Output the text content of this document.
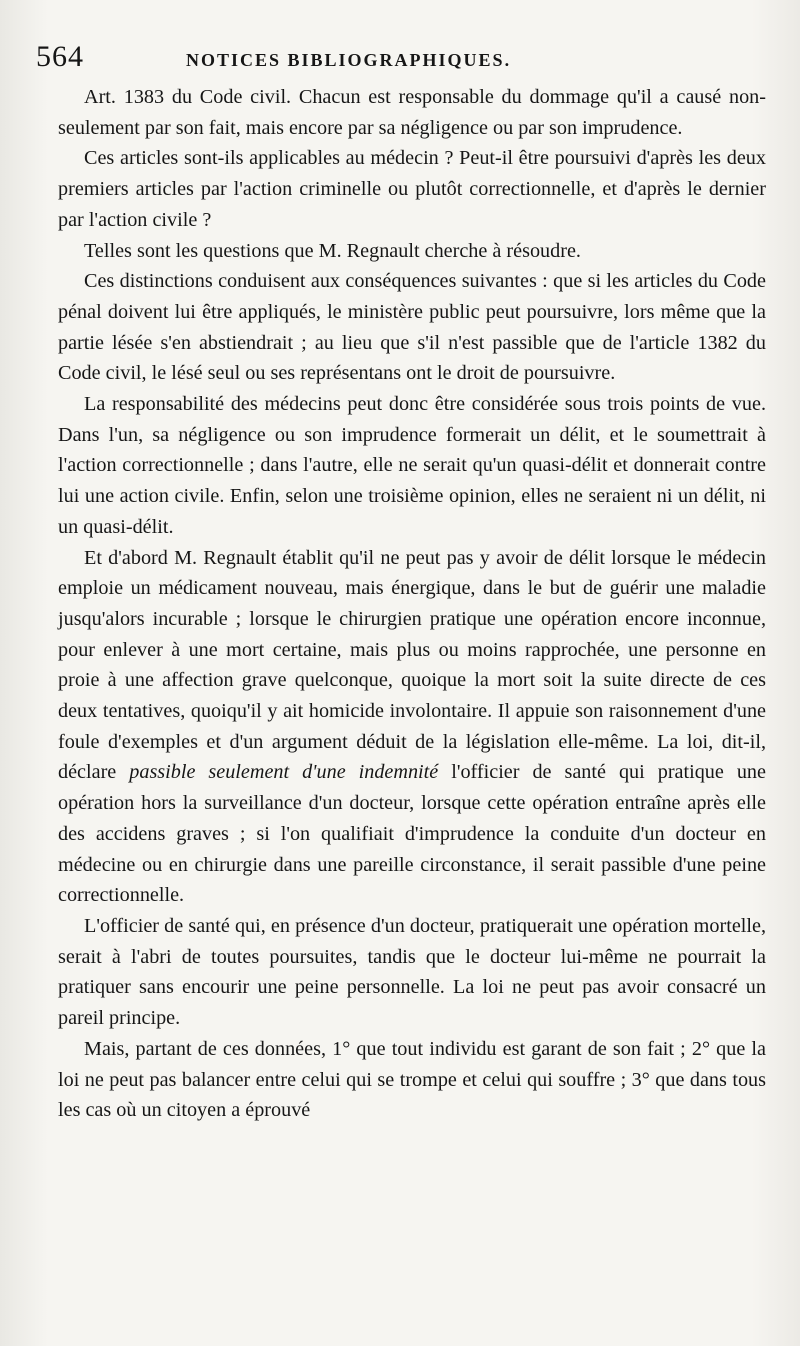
564	NOTICES BIBLIOGRAPHIQUES.

Art. 1383 du Code civil. Chacun est responsable du dommage qu'il a causé non-seulement par son fait, mais encore par sa négligence ou par son imprudence.

Ces articles sont-ils applicables au médecin ? Peut-il être poursuivi d'après les deux premiers articles par l'action criminelle ou plutôt correctionnelle, et d'après le dernier par l'action civile ?

Telles sont les questions que M. Regnault cherche à résoudre.

Ces distinctions conduisent aux conséquences suivantes : que si les articles du Code pénal doivent lui être appliqués, le ministère public peut poursuivre, lors même que la partie lésée s'en abstiendrait ; au lieu que s'il n'est passible que de l'article 1382 du Code civil, le lésé seul ou ses représentans ont le droit de poursuivre.

La responsabilité des médecins peut donc être considérée sous trois points de vue. Dans l'un, sa négligence ou son imprudence formerait un délit, et le soumettrait à l'action correctionnelle ; dans l'autre, elle ne serait qu'un quasi-délit et donnerait contre lui une action civile. Enfin, selon une troisième opinion, elles ne seraient ni un délit, ni un quasi-délit.

Et d'abord M. Regnault établit qu'il ne peut pas y avoir de délit lorsque le médecin emploie un médicament nouveau, mais énergique, dans le but de guérir une maladie jusqu'alors incurable ; lorsque le chirurgien pratique une opération encore inconnue, pour enlever à une mort certaine, mais plus ou moins rapprochée, une personne en proie à une affection grave quelconque, quoique la mort soit la suite directe de ces deux tentatives, quoiqu'il y ait homicide involontaire. Il appuie son raisonnement d'une foule d'exemples et d'un argument déduit de la législation elle-même. La loi, dit-il, déclare passible seulement d'une indemnité l'officier de santé qui pratique une opération hors la surveillance d'un docteur, lorsque cette opération entraîne après elle des accidens graves ; si l'on qualifiait d'imprudence la conduite d'un docteur en médecine ou en chirurgie dans une pareille circonstance, il serait passible d'une peine correctionnelle.

L'officier de santé qui, en présence d'un docteur, pratiquerait une opération mortelle, serait à l'abri de toutes poursuites, tandis que le docteur lui-même ne pourrait la pratiquer sans encourir une peine personnelle. La loi ne peut pas avoir consacré un pareil principe.

Mais, partant de ces données, 1° que tout individu est garant de son fait ; 2° que la loi ne peut pas balancer entre celui qui se trompe et celui qui souffre ; 3° que dans tous les cas où un citoyen a éprouvé
